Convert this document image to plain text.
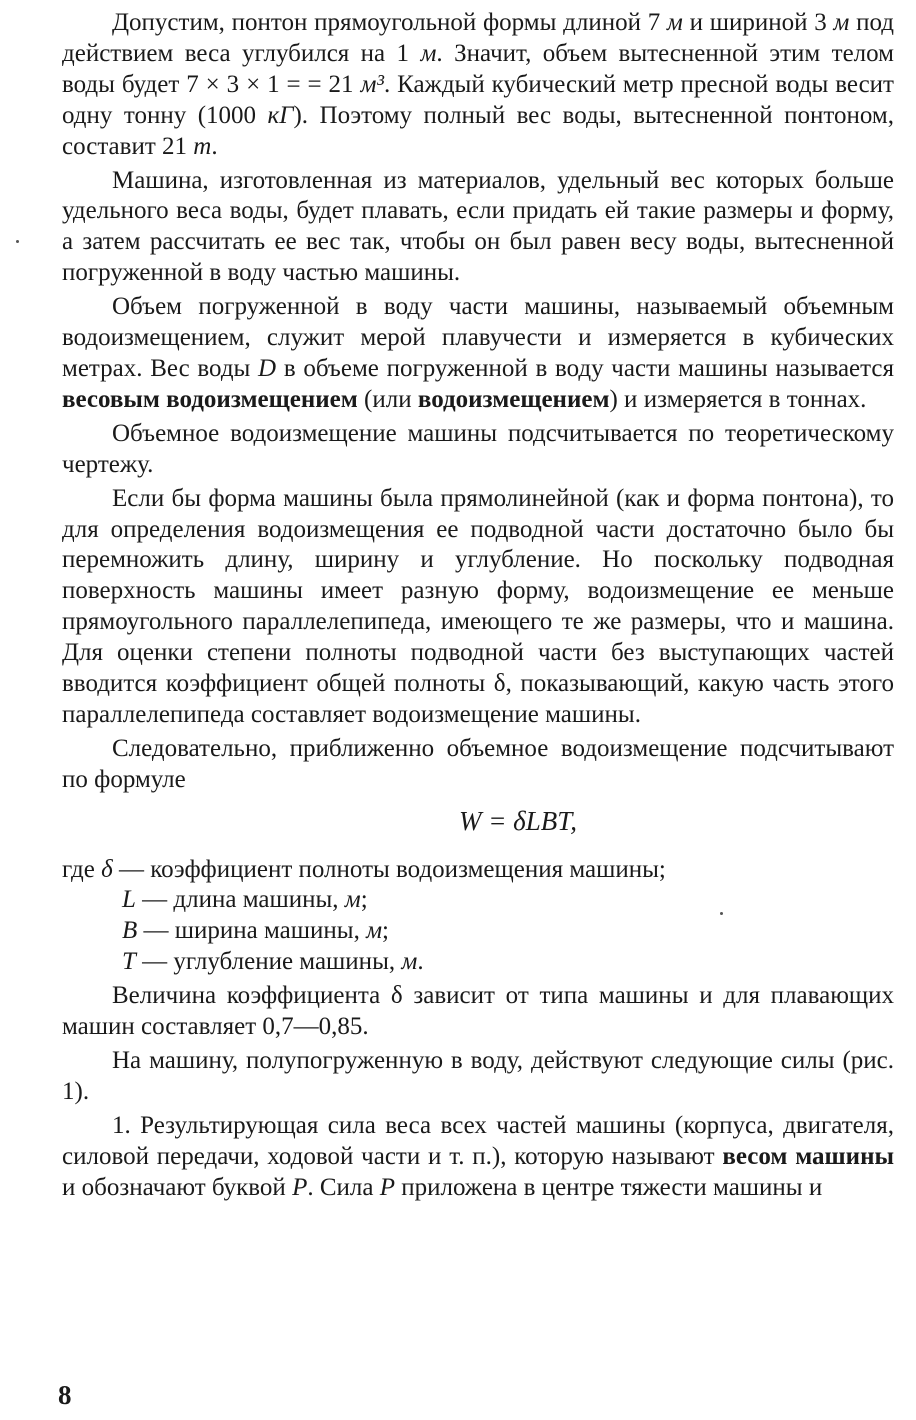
Допустим, понтон прямоугольной формы длиной 7 м и шириной 3 м под действием веса углубился на 1 м. Значит, объем вытесненной этим телом воды будет 7 × 3 × 1 = = 21 м³. Каждый кубический метр пресной воды весит одну тонну (1000 кГ). Поэтому полный вес воды, вытесненной понтоном, составит 21 т.

Машина, изготовленная из материалов, удельный вес которых больше удельного веса воды, будет плавать, если придать ей такие размеры и форму, а затем рассчитать ее вес так, чтобы он был равен весу воды, вытесненной погруженной в воду частью машины.

Объем погруженной в воду части машины, называемый объемным водоизмещением, служит мерой плавучести и измеряется в кубических метрах. Вес воды D в объеме погруженной в воду части машины называется весовым водоизмещением (или водоизмещением) и измеряется в тоннах.

Объемное водоизмещение машины подсчитывается по теоретическому чертежу.

Если бы форма машины была прямолинейной (как и форма понтона), то для определения водоизмещения ее подводной части достаточно было бы перемножить длину, ширину и углубление. Но поскольку подводная поверхность машины имеет разную форму, водоизмещение ее меньше прямоугольного параллелепипеда, имеющего те же размеры, что и машина. Для оценки степени полноты подводной части без выступающих частей вводится коэффициент общей полноты δ, показывающий, какую часть этого параллелепипеда составляет водоизмещение машины.

Следовательно, приближенно объемное водоизмещение подсчитывают по формуле

W = δLBT,
где δ — коэффициент полноты водоизмещения машины;
L — длина машины, м;
B — ширина машины, м;
T — углубление машины, м.

Величина коэффициента δ зависит от типа машины и для плавающих машин составляет 0,7—0,85.

На машину, полупогруженную в воду, действуют следующие силы (рис. 1).

1. Результирующая сила веса всех частей машины (корпуса, двигателя, силовой передачи, ходовой части и т. п.), которую называют весом машины и обозначают буквой P. Сила P приложена в центре тяжести машины и

8
